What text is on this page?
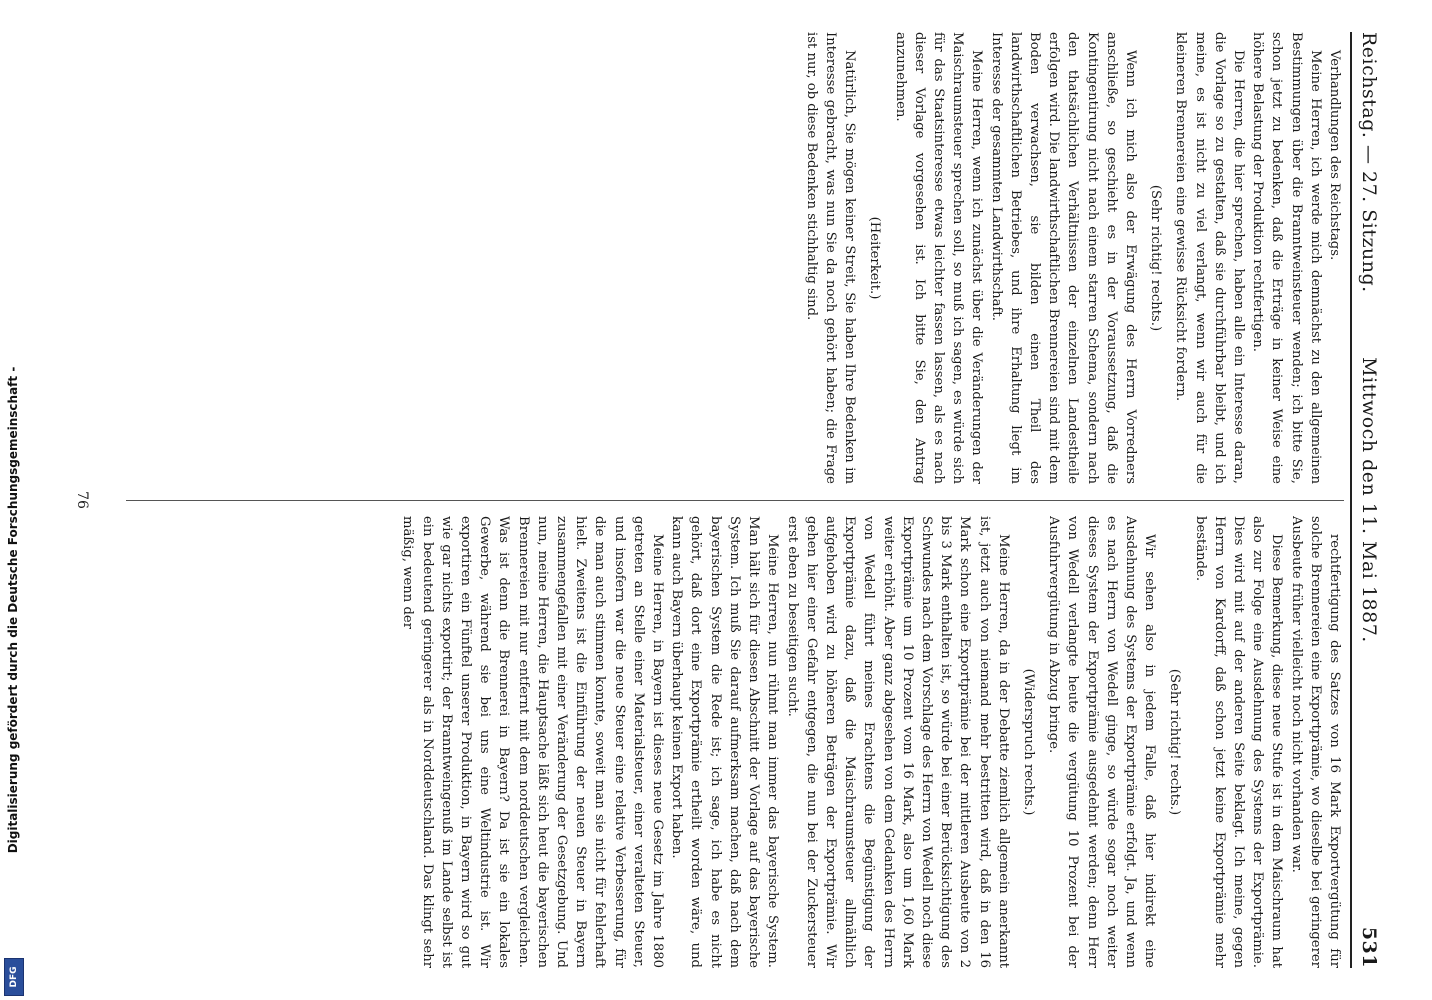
Digitalisierung gefördert durch die Deutsche Forschungsgemeinschaft -
DFG
Reichstag. — 27. Sitzung.
Mittwoch den 11. Mai 1887.
531

Verhandlungen des Reichstags.

Meine Herren, ich werde mich demnächst zu den allgemeinen Bestimmungen über die Branntweinsteuer wenden; ich bitte Sie, schon jetzt zu bedenken, daß die Erträge in keiner Weise eine höhere Belastung der Produktion rechtfertigen.

Die Herren, die hier sprechen, haben alle ein Interesse daran, die Vorlage so zu gestalten, daß sie durchführbar bleibt, und ich meine, es ist nicht zu viel verlangt, wenn wir auch für die kleineren Brennereien eine gewisse Rücksicht fordern.

(Sehr richtig! rechts.)

Wenn ich mich also der Erwägung des Herrn Vorredners anschließe, so geschieht es in der Voraussetzung, daß die Kontingentirung nicht nach einem starren Schema, sondern nach den thatsächlichen Verhältnissen der einzelnen Landestheile erfolgen wird. Die landwirthschaftlichen Brennereien sind mit dem Boden verwachsen, sie bilden einen Theil des landwirthschaftlichen Betriebes, und ihre Erhaltung liegt im Interesse der gesammten Landwirthschaft.

Meine Herren, wenn ich zunächst über die Veränderungen der Maischraumsteuer sprechen soll, so muß ich sagen, es würde sich für das Staatsinteresse etwas leichter fassen lassen, als es nach dieser Vorlage vorgesehen ist. Ich bitte Sie, den Antrag anzunehmen.

(Heiterkeit.)

Natürlich, Sie mögen keiner Streit, Sie haben Ihre Bedenken im Interesse gebracht, was nun Sie da noch gehört haben; die Frage ist nur, ob diese Bedenken stichhaltig sind.

rechtfertigung des Satzes von 16 Mark Exportvergütung für solche Brennereien eine Exportprämie, wo dieselbe bei geringerer Ausbeute früher vielleicht noch nicht vorhanden war.

Diese Bemerkung, diese neue Stufe ist in dem Maischraum hat also zur Folge eine Ausdehnung des Systems der Exportprämie. Dies wird mit auf der anderen Seite beklagt. Ich meine, gegen Herrn von Kardorff, daß schon jetzt keine Exportprämie mehr bestände.

(Sehr richtig! rechts.)

Wir sehen also in jedem Falle, daß hier indirekt eine Ausdehnung des Systems der Exportprämie erfolgt. Ja, und wenn es nach Herrn von Wedell ginge, so würde sogar noch weiter dieses System der Exportprämie ausgedehnt werden; denn Herr von Wedell verlangte heute die vergütung 10 Prozent bei der Ausfuhrvergütung in Abzug bringe.

(Widerspruch rechts.)

Meine Herren, da in der Debatte ziemlich allgemein anerkannt ist, jetzt auch von niemand mehr bestritten wird, daß in den 16 Mark schon eine Exportprämie bei der mittleren Ausbeute von 2 bis 3 Mark enthalten ist, so würde bei einer Berücksichtigung des Schwundes nach dem Vorschlage des Herrn von Wedell noch diese Exportprämie um 10 Prozent vom 16 Mark, also um 1,60 Mark weiter erhöht. Aber ganz abgesehen von dem Gedanken des Herrn von Wedell führt meines Erachtens die Begünstigung der Exportprämie dazu, daß die Maischraumsteuer allmählich aufgehoben wird zu höheren Beträgen der Exportprämie. Wir gehen hier einer Gefahr entgegen, die nun bei der Zuckersteuer erst eben zu beseitigen sucht.

Meine Herren, nun rühmt man immer das bayerische System. Man hält sich für diesen Abschnitt der Vorlage auf das bayerische System. Ich muß Sie darauf aufmerksam machen, daß nach dem bayerischen System die Rede ist; ich sage, ich habe es nicht gehört, daß dort eine Exportprämie ertheilt worden wäre, und kann auch Bayern überhaupt keinen Export haben.

Meine Herren, in Bayern ist dieses neue Gesetz im Jahre 1880 getreten an Stelle einer Materialsteuer, einer veralteten Steuer, und insofern war die neue Steuer eine relative Verbesserung, für die man auch stimmen konnte, soweit man sie nicht für fehlerhaft hielt. Zweitens ist die Einführung der neuen Steuer in Bayern zusammengefallen mit einer Veränderung der Gesetzgebung. Und nun, meine Herren, die Hauptsache läßt sich heut die bayerischen Brennereien mit nur entfernt mit dem norddeutschen vergleichen. Was ist denn die Brennerei in Bayern? Da ist sie ein lokales Gewerbe, während sie bei uns eine Weltindustrie ist. Wir exportiren ein Fünftel unserer Produktion, in Bayern wird so gut wie gar nichts exportirt; der Branntweingenuß im Lande selbst ist ein bedeutend geringerer als in Norddeutschland. Das klingt sehr mäßig, wenn der

76
